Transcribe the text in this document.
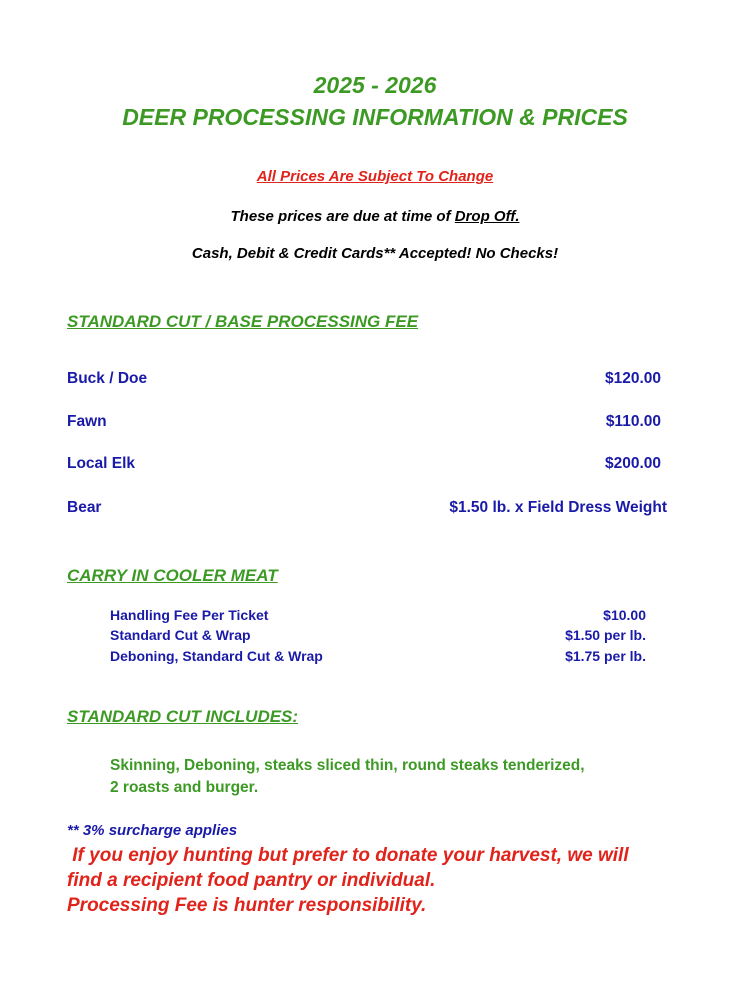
2025 - 2026
DEER PROCESSING INFORMATION & PRICES
All Prices Are Subject To Change
These prices are due at time of Drop Off.
Cash, Debit & Credit Cards** Accepted! No Checks!
STANDARD CUT / BASE PROCESSING FEE
Buck / Doe	$120.00
Fawn	$110.00
Local Elk	$200.00
Bear	$1.50 lb. x Field Dress Weight
CARRY IN COOLER MEAT
Handling Fee Per Ticket	$10.00
Standard Cut & Wrap	$1.50 per lb.
Deboning, Standard Cut & Wrap	$1.75 per lb.
STANDARD CUT INCLUDES:
Skinning, Deboning, steaks sliced thin, round steaks tenderized,
2 roasts and burger.
** 3% surcharge applies
If you enjoy hunting but prefer to donate your harvest, we will
find a recipient food pantry or individual.
Processing Fee is hunter responsibility.
